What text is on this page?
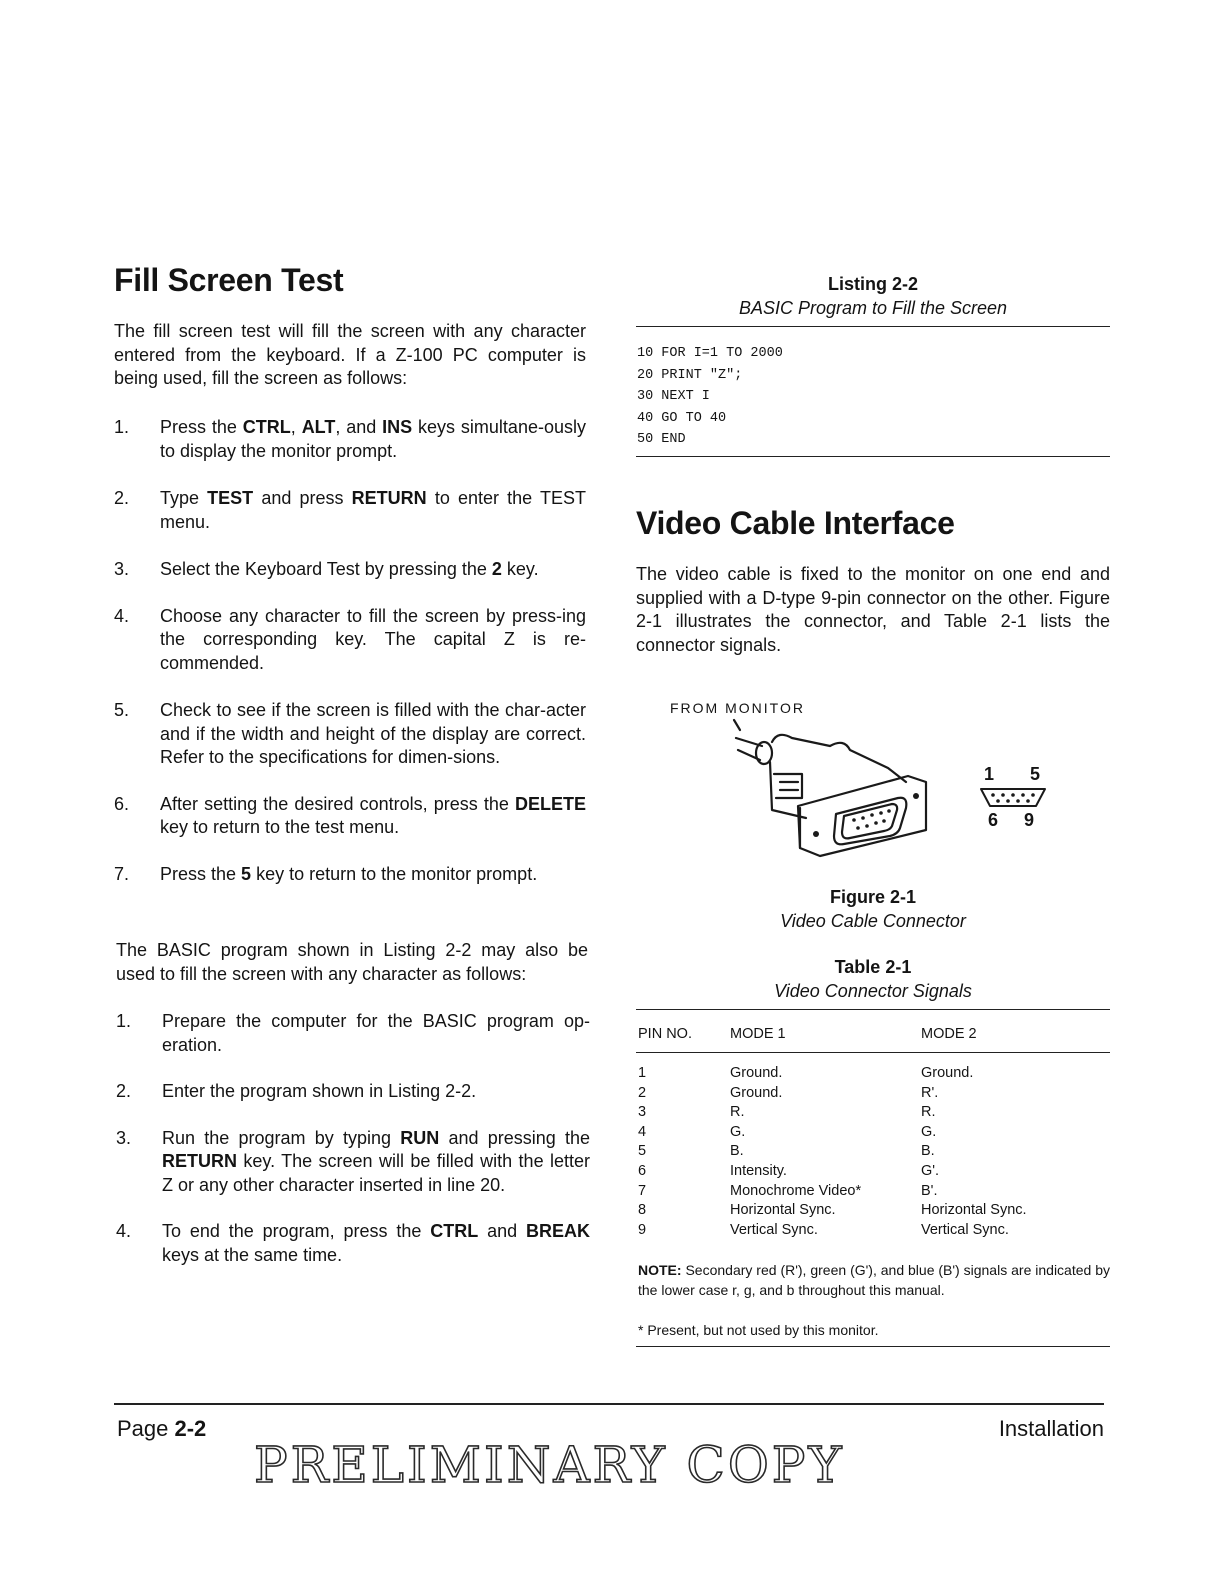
Fill Screen Test
The fill screen test will fill the screen with any character entered from the keyboard. If a Z-100 PC computer is being used, fill the screen as follows:
1. Press the CTRL, ALT, and INS keys simultane-ously to display the monitor prompt.
2. Type TEST and press RETURN to enter the TEST menu.
3. Select the Keyboard Test by pressing the 2 key.
4. Choose any character to fill the screen by press-ing the corresponding key. The capital Z is re-commended.
5. Check to see if the screen is filled with the char-acter and if the width and height of the display are correct. Refer to the specifications for dimen-sions.
6. After setting the desired controls, press the DELETE key to return to the test menu.
7. Press the 5 key to return to the monitor prompt.
The BASIC program shown in Listing 2-2 may also be used to fill the screen with any character as follows:
1. Prepare the computer for the BASIC program op-eration.
2. Enter the program shown in Listing 2-2.
3. Run the program by typing RUN and pressing the RETURN key. The screen will be filled with the letter Z or any other character inserted in line 20.
4. To end the program, press the CTRL and BREAK keys at the same time.
Listing 2-2
BASIC Program to Fill the Screen
10 FOR I=1 TO 2000
20 PRINT "Z";
30 NEXT I
40 GO TO 40
50 END
Video Cable Interface
The video cable is fixed to the monitor on one end and supplied with a D-type 9-pin connector on the other. Figure 2-1 illustrates the connector, and Table 2-1 lists the connector signals.
FROM MONITOR
1 5
6 9
Figure 2-1
Video Cable Connector
Table 2-1
Video Connector Signals
PIN NO.	MODE 1	MODE 2
1	Ground.	Ground.
2	Ground.	R'.
3	R.	R.
4	G.	G.
5	B.	B.
6	Intensity.	G'.
7	Monochrome Video*	B'.
8	Horizontal Sync.	Horizontal Sync.
9	Vertical Sync.	Vertical Sync.
NOTE: Secondary red (R'), green (G'), and blue (B') signals are indicated by the lower case r, g, and b throughout this manual.
* Present, but not used by this monitor.
Page 2-2	Installation
PRELIMINARY COPY
